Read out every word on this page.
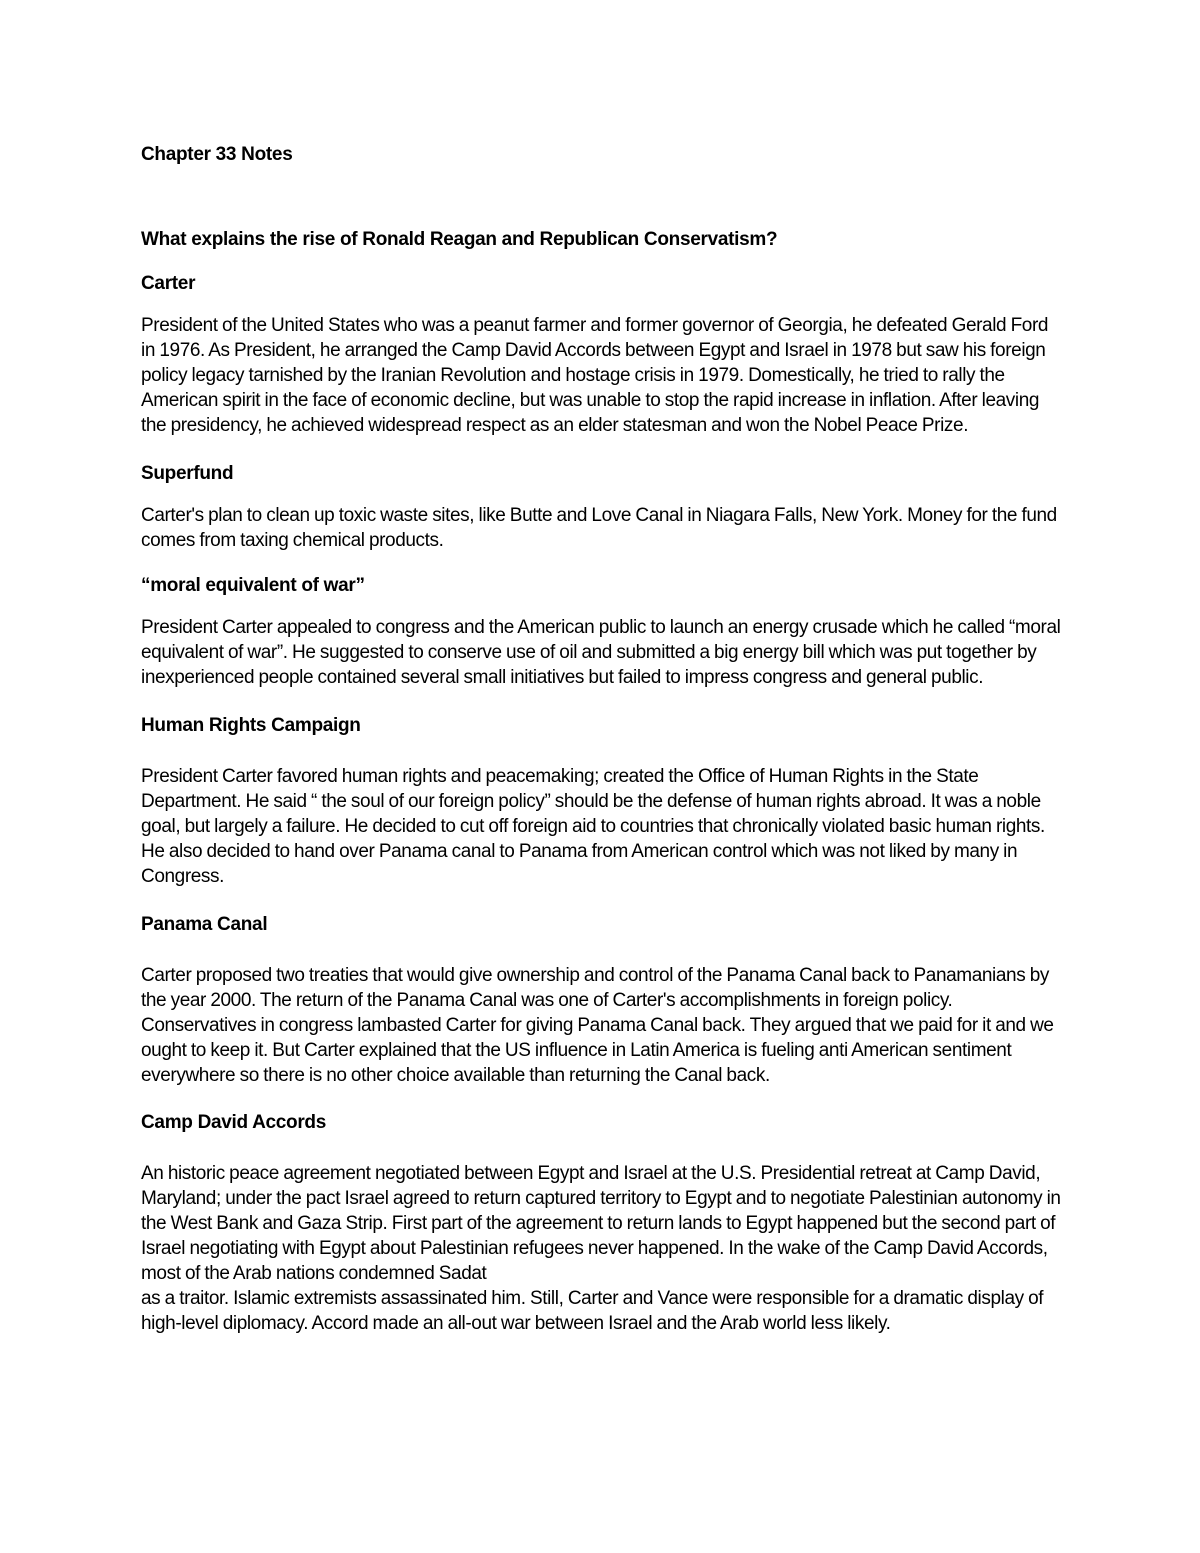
Chapter 33 Notes
What explains the rise of Ronald Reagan and Republican Conservatism?
Carter

President of the United States who was a peanut farmer and former governor of Georgia, he defeated Gerald Ford in 1976. As President, he arranged the Camp David Accords between Egypt and Israel in 1978 but saw his foreign policy legacy tarnished by the Iranian Revolution and hostage crisis in 1979. Domestically, he tried to rally the American spirit in the face of economic decline, but was unable to stop the rapid increase in inflation. After leaving the presidency, he achieved widespread respect as an elder statesman and won the Nobel Peace Prize.

Superfund

Carter's plan to clean up toxic waste sites, like Butte and Love Canal in Niagara Falls, New York. Money for the fund comes from taxing chemical products.

“moral equivalent of war”

President Carter appealed to congress and the American public to launch an energy crusade which he called “moral equivalent of war”. He suggested to conserve use of oil and submitted a big energy bill which was put together by inexperienced people contained several small initiatives but failed to impress congress and general public.

Human Rights Campaign

President Carter favored human rights and peacemaking; created the Office of Human Rights in the State Department. He said “ the soul of our foreign policy” should be the defense of human rights abroad. It was a noble goal, but largely a failure. He decided to cut off foreign aid to countries that chronically violated basic human rights. He also decided to hand over Panama canal to Panama from American control which was not liked by many in Congress.

Panama Canal

Carter proposed two treaties that would give ownership and control of the Panama Canal back to Panamanians by the year 2000. The return of the Panama Canal was one of Carter's accomplishments in foreign policy. Conservatives in congress lambasted Carter for giving Panama Canal back. They argued that we paid for it and we ought to keep it. But Carter explained that the US influence in Latin America is fueling anti American sentiment everywhere so there is no other choice available than returning the Canal back.

Camp David Accords

An historic peace agreement negotiated between Egypt and Israel at the U.S. Presidential retreat at Camp David, Maryland; under the pact Israel agreed to return captured territory to Egypt and to negotiate Palestinian autonomy in the West Bank and Gaza Strip. First part of the agreement to return lands to Egypt happened but the second part of Israel negotiating with Egypt about Palestinian refugees never happened. In the wake of the Camp David Accords, most of the Arab nations condemned Sadat

as a traitor. Islamic extremists assassinated him. Still, Carter and Vance were responsible for a dramatic display of high-level diplomacy. Accord made an all-out war between Israel and the Arab world less likely.
